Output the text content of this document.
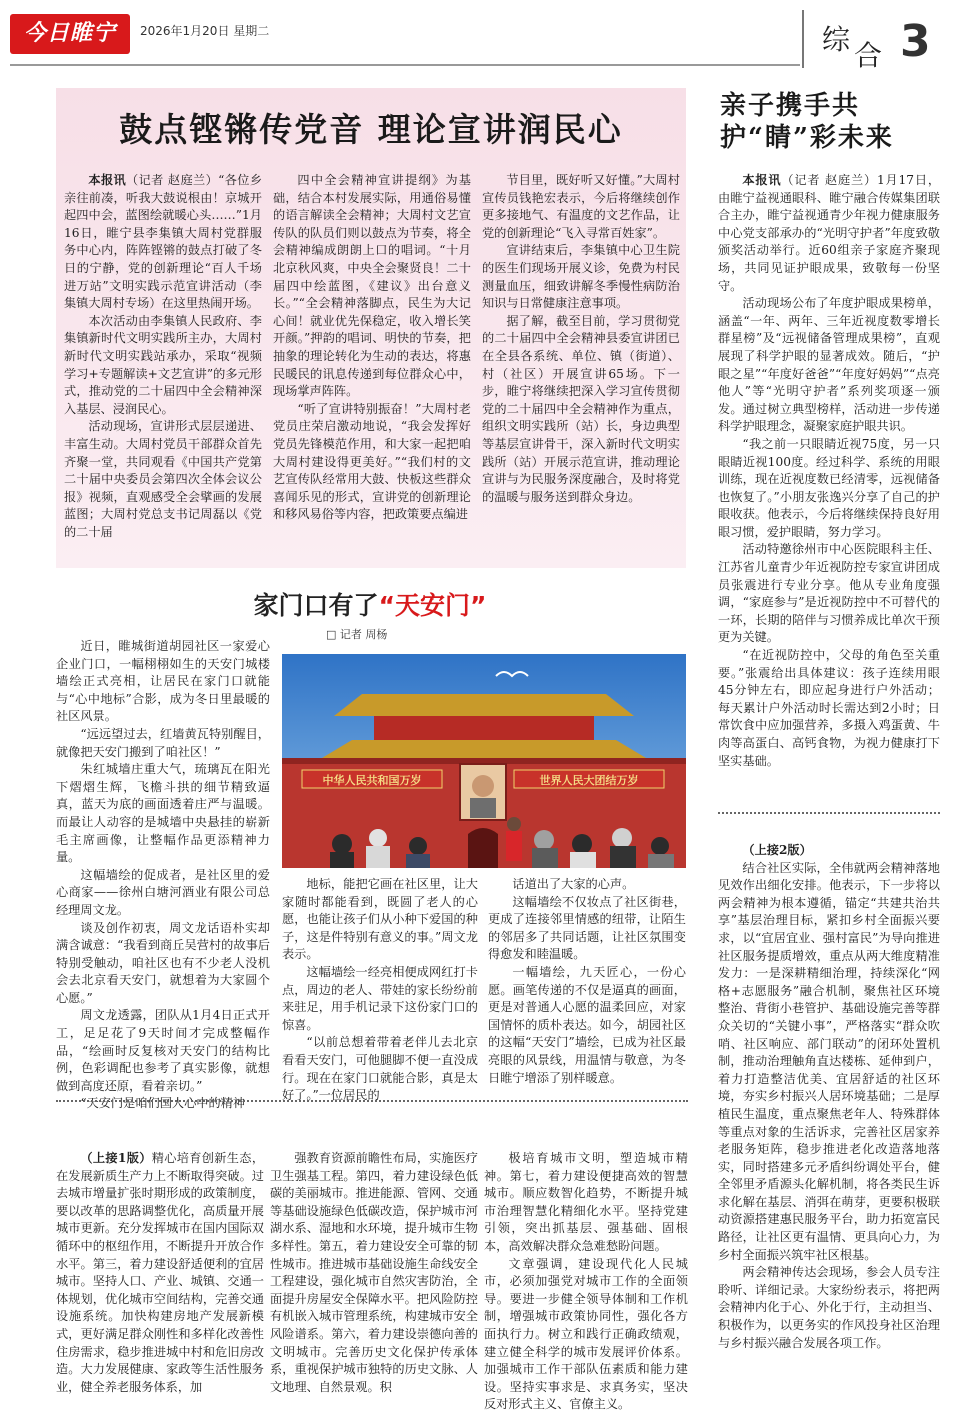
今日睢宁	2026年1月20日 星期二	综合 3
鼓点铿锵传党音 理论宣讲润民心

本报讯（记者 赵庭兰）“各位乡亲往前凑，听我大鼓说根由！京城开起四中会，蓝图绘就暖心头……”1月16日，睢宁县李集镇大周村党群服务中心内，阵阵铿锵的鼓点打破了冬日的宁静，党的创新理论“百人千场进万站”文明实践示范宣讲活动（李集镇大周村专场）在这里热闹开场。

本次活动由李集镇人民政府、李集镇新时代文明实践所主办，大周村新时代文明实践站承办，采取“视频学习+专题解读+文艺宣讲”的多元形式，推动党的二十届四中全会精神深入基层、浸润民心。

活动现场，宣讲形式层层递进、丰富生动。大周村党员干部群众首先齐聚一堂，共同观看《中国共产党第二十届中央委员会第四次全体会议公报》视频，直观感受全会擘画的发展蓝图；大周村党总支书记周磊以《党的二十届

四中全会精神宣讲提纲》为基础，结合本村发展实际，用通俗易懂的语言解读全会精神；大周村文艺宣传队的队员们则以鼓点为节奏，将全会精神编成朗朗上口的唱词。“十月北京秋风爽，中央全会聚贤良！二十届四中绘蓝图，《建议》出台意义长。”“全会精神落脚点，民生为大记心间！就业优先保稳定，收入增长笑开颜。”押韵的唱词、明快的节奏，把抽象的理论转化为生动的表达，将惠民暖民的讯息传递到每位群众心中，现场掌声阵阵。

“听了宣讲特别振奋！”大周村老党员庄荣启激动地说，“我会发挥好党员先锋模范作用，和大家一起把咱大周村建设得更美好。”“我们村的文艺宣传队经常用大鼓、快板这些群众喜闻乐见的形式，宣讲党的创新理论和移风易俗等内容，把政策要点编进

节目里，既好听又好懂。”大周村宣传员钱艳宏表示，今后将继续创作更多接地气、有温度的文艺作品，让党的创新理论“飞入寻常百姓家”。

宣讲结束后，李集镇中心卫生院的医生们现场开展义诊，免费为村民测量血压，细致讲解冬季慢性病防治知识与日常健康注意事项。

据了解，截至目前，学习贯彻党的二十届四中全会精神县委宣讲团已在全县各系统、单位、镇（街道）、村（社区）开展宣讲65场。下一步，睢宁将继续把深入学习宣传贯彻党的二十届四中全会精神作为重点，组织文明实践所（站）长，身边典型等基层宣讲骨干，深入新时代文明实践所（站）开展示范宣讲，推动理论宣讲与为民服务深度融合，及时将党的温暖与服务送到群众身边。

家门口有了“天安门”
□ 记者 周杨
中华人民共和国万岁	世界人民大团结万岁

近日，睢城街道胡园社区一家爱心企业门口，一幅栩栩如生的天安门城楼墙绘正式亮相，让居民在家门口就能与“心中地标”合影，成为冬日里最暖的社区风景。

“远远望过去，红墙黄瓦特别醒目，就像把天安门搬到了咱社区！”

朱红城墙庄重大气，琉璃瓦在阳光下熠熠生辉，飞檐斗拱的细节精致逼真，蓝天为底的画面透着庄严与温暖。而最让人动容的是城墙中央悬挂的崭新毛主席画像，让整幅作品更添精神力量。

这幅墙绘的促成者，是社区里的爱心商家——徐州白塘河酒业有限公司总经理周文龙。

谈及创作初衷，周文龙话语朴实却满含诚意：“我看到商丘吴营村的故事后特别受触动，咱社区也有不少老人没机会去北京看天安门，就想着为大家圆个心愿。”

周文龙透露，团队从1月4日正式开工，足足花了9天时间才完成整幅作品，“绘画时反复核对天安门的结构比例，色彩调配也参考了真实影像，就想做到高度还原，看着亲切。”

“天安门是咱们国人心中的精神

地标，能把它画在社区里，让大家随时都能看到，既圆了老人的心愿，也能让孩子们从小种下爱国的种子，这是件特别有意义的事。”周文龙表示。

这幅墙绘一经亮相便成网红打卡点，周边的老人、带娃的家长纷纷前来驻足，用手机记录下这份家门口的惊喜。

“以前总想着带着老伴儿去北京看看天安门，可他腿脚不便一直没成行。现在在家门口就能合影，真是太好了。”一位居民的

话道出了大家的心声。

这幅墙绘不仅妆点了社区街巷，更成了连接邻里情感的纽带，让陌生的邻居多了共同话题，让社区氛围变得愈发和睦温暖。

一幅墙绘，九天匠心，一份心愿。画笔传递的不仅是逼真的画面，更是对普通人心愿的温柔回应，对家国情怀的质朴表达。如今，胡园社区的这幅“天安门”墙绘，已成为社区最亮眼的风景线，用温情与敬意，为冬日睢宁增添了别样暖意。

（上接1版）精心培育创新生态，在发展新质生产力上不断取得突破。过去城市增量扩张时期形成的政策制度，要以改革的思路调整优化，高质量开展城市更新。充分发挥城市在国内国际双循环中的枢纽作用，不断提升开放合作水平。第三，着力建设舒适便利的宜居城市。坚持人口、产业、城镇、交通一体规划，优化城市空间结构，完善交通设施系统。加快构建房地产发展新模式，更好满足群众刚性和多样化改善性住房需求，稳步推进城中村和危旧房改造。大力发展健康、家政等生活性服务业，健全养老服务体系，加

强教育资源前瞻性布局，实施医疗卫生强基工程。第四，着力建设绿色低碳的美丽城市。推进能源、管网、交通等基础设施绿色低碳改造，保护城市河湖水系、湿地和水环境，提升城市生物多样性。第五，着力建设安全可靠的韧性城市。推进城市基础设施生命线安全工程建设，强化城市自然灾害防治，全面提升房屋安全保障水平。把风险防控有机嵌入城市管理系统，构建城市安全风险谱系。第六，着力建设崇德向善的文明城市。完善历史文化保护传承体系，重视保护城市独特的历史文脉、人文地理、自然景观。积

极培育城市文明，塑造城市精神。第七，着力建设便捷高效的智慧城市。顺应数智化趋势，不断提升城市治理智慧化精细化水平。坚持党建引领，突出抓基层、强基础、固根本，高效解决群众急难愁盼问题。

文章强调，建设现代化人民城市，必须加强党对城市工作的全面领导。要进一步健全领导体制和工作机制，增强城市政策协同性，强化各方面执行力。树立和践行正确政绩观，建立健全科学的城市发展评价体系。加强城市工作干部队伍素质和能力建设。坚持实事求是、求真务实，坚决反对形式主义、官僚主义。

亲子携手共护“睛”彩未来

本报讯（记者 赵庭兰）1月17日，由睢宁益视通眼科、睢宁融合传媒集团联合主办，睢宁益视通青少年视力健康服务中心党支部承办的“光明守护者”年度致敬颁奖活动举行。近60组亲子家庭齐聚现场，共同见证护眼成果，致敬每一份坚守。

活动现场公布了年度护眼成果榜单，涵盖“一年、两年、三年近视度数零增长群星榜”及“远视储备管理成果榜”，直观展现了科学护眼的显著成效。随后，“护眼之星”“年度好爸爸”“年度好妈妈”“点亮他人”等“光明守护者”系列奖项逐一颁发。通过树立典型榜样，活动进一步传递科学护眼理念，凝聚家庭护眼共识。

“我之前一只眼睛近视75度，另一只眼睛近视100度。经过科学、系统的用眼训练，现在近视度数已经清零，远视储备也恢复了。”小朋友张逸兴分享了自己的护眼收获。他表示，今后将继续保持良好用眼习惯，爱护眼睛，努力学习。

活动特邀徐州市中心医院眼科主任、江苏省儿童青少年近视防控专家宣讲团成员张震进行专业分享。他从专业角度强调，“家庭参与”是近视防控中不可替代的一环，长期的陪伴与习惯养成比单次干预更为关键。

“在近视防控中，父母的角色至关重要。”张震给出具体建议：孩子连续用眼45分钟左右，即应起身进行户外活动；每天累计户外活动时长需达到2小时；日常饮食中应加强营养，多摄入鸡蛋黄、牛肉等高蛋白、高钙食物，为视力健康打下坚实基础。

（上接2版）

结合社区实际，全伟就两会精神落地见效作出细化安排。他表示，下一步将以两会精神为根本遵循，锚定“共建共治共享”基层治理目标，紧扣乡村全面振兴要求，以“宜居宜业、强村富民”为导向推进社区服务提质增效，重点从两大维度精准发力：一是深耕精细治理，持续深化“网格+志愿服务”融合机制，聚焦社区环境整治、背街小巷管护、基础设施完善等群众关切的“关键小事”，严格落实“群众吹哨、社区响应、部门联动”的闭环处置机制，推动治理触角直达楼栋、延伸到户，着力打造整洁优美、宜居舒适的社区环境，夯实乡村振兴人居环境基础；二是厚植民生温度，重点聚焦老年人、特殊群体等重点对象的生活诉求，完善社区居家养老服务矩阵，稳步推进老化改造落地落实，同时搭建多元矛盾纠纷调处平台，健全邻里矛盾源头化解机制，将各类民生诉求化解在基层、消弭在萌芽，更要积极联动资源搭建惠民服务平台，助力拓宽富民路径，让社区更有温情、更具向心力，为乡村全面振兴筑牢社区根基。

两会精神传达会现场，参会人员专注聆听、详细记录。大家纷纷表示，将把两会精神内化于心、外化于行，主动担当、积极作为，以更务实的作风投身社区治理与乡村振兴融合发展各项工作。
